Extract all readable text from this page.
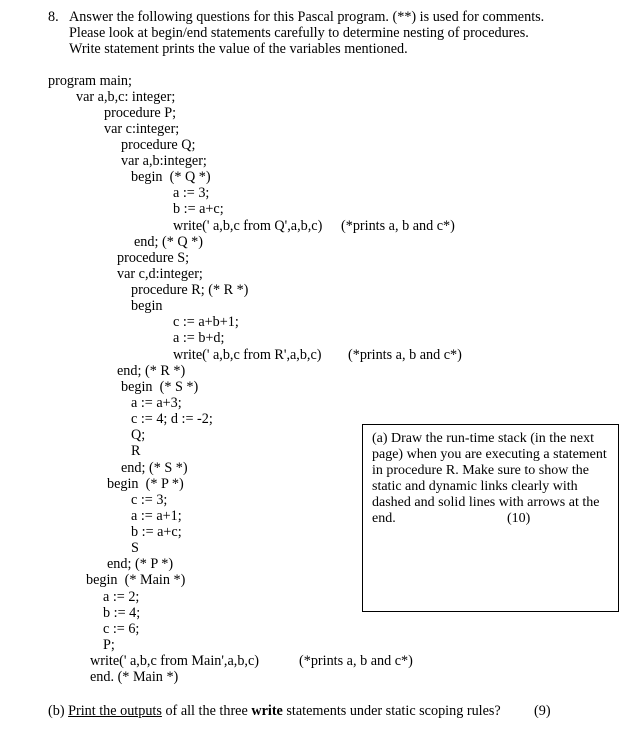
8. Answer the following questions for this Pascal program. (**) is used for comments.
Please look at begin/end statements carefully to determine nesting of procedures.
Write statement prints the value of the variables mentioned.
program main;
var a,b,c: integer;
procedure P;
var c:integer;
procedure Q;
var a,b:integer;
begin  (* Q *)
a := 3;
b := a+c;
write(' a,b,c from Q',a,b,c) (*prints a, b and c*)
end; (* Q *)
procedure S;
var c,d:integer;
procedure R; (* R *)
begin
c := a+b+1;
a := b+d;
write(' a,b,c from R',a,b,c) (*prints a, b and c*)
end; (* R *)
begin  (* S *)
a := a+3;
c := 4; d := -2;
Q;
R
end; (* S *)
begin  (* P *)
c := 3;
a := a+1;
b := a+c;
S
end; (* P *)
begin  (* Main *)
a := 2;
b := 4;
c := 6;
P;
write(' a,b,c from Main',a,b,c)	(*prints a, b and c*)
end. (* Main *)
(a) Draw the run-time stack (in the next
page) when you are executing a statement
in procedure R. Make sure to show the
static and dynamic links clearly with
dashed and solid lines with arrows at the
end.	(10)
(b) Print the outputs of all the three write statements under static scoping rules? (9)
